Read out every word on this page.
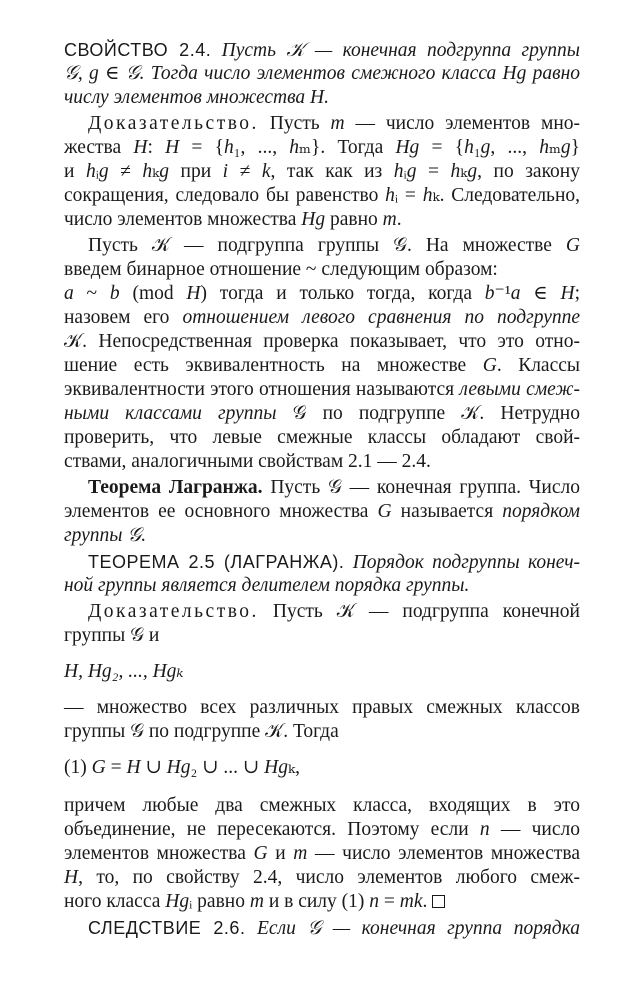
СВОЙСТВО 2.4. Пусть 𝒦 — конечная подгруппа группы
𝒢, g ∈ 𝒢. Тогда число элементов смежного класса Hg равно
числу элементов множества H.
Доказательство. Пусть m — число элементов мно-
жества H: H = {h₁, ..., hₘ}. Тогда Hg = {h₁g, ..., hₘg}
и hᵢg ≠ hₖg при i ≠ k, так как из hᵢg = hₖg, по закону
сокращения, следовало бы равенство hᵢ = hₖ. Следовательно,
число элементов множества Hg равно m.
Пусть 𝒦 — подгруппа группы 𝒢. На множестве G
введем бинарное отношение ~ следующим образом:
a ~ b (mod H) тогда и только тогда, когда b⁻¹a ∈ H;
назовем его отношением левого сравнения по подгруппе
𝒦. Непосредственная проверка показывает, что это отно-
шение есть эквивалентность на множестве G. Классы
эквивалентности этого отношения называются левыми смеж-
ными классами группы 𝒢 по подгруппе 𝒦. Нетрудно
проверить, что левые смежные классы обладают свой-
ствами, аналогичными свойствам 2.1 — 2.4.
Теорема Лагранжа. Пусть 𝒢 — конечная группа. Число
элементов ее основного множества G называется порядком
группы 𝒢.
ТЕОРЕМА 2.5 (ЛАГРАНЖА). Порядок подгруппы конеч-
ной группы является делителем порядка группы.
Доказательство. Пусть 𝒦 — подгруппа конечной
группы 𝒢 и
H, Hg₂, ..., Hgₖ
— множество всех различных правых смежных классов
группы 𝒢 по подгруппе 𝒦. Тогда
(1) G = H ∪ Hg₂ ∪ ... ∪ Hgₖ,
причем любые два смежных класса, входящих в это
объединение, не пересекаются. Поэтому если n — число
элементов множества G и m — число элементов множества
H, то, по свойству 2.4, число элементов любого смеж-
ного класса Hgᵢ равно m и в силу (1) n = mk.
СЛЕДСТВИЕ 2.6. Если 𝒢 — конечная группа порядка
